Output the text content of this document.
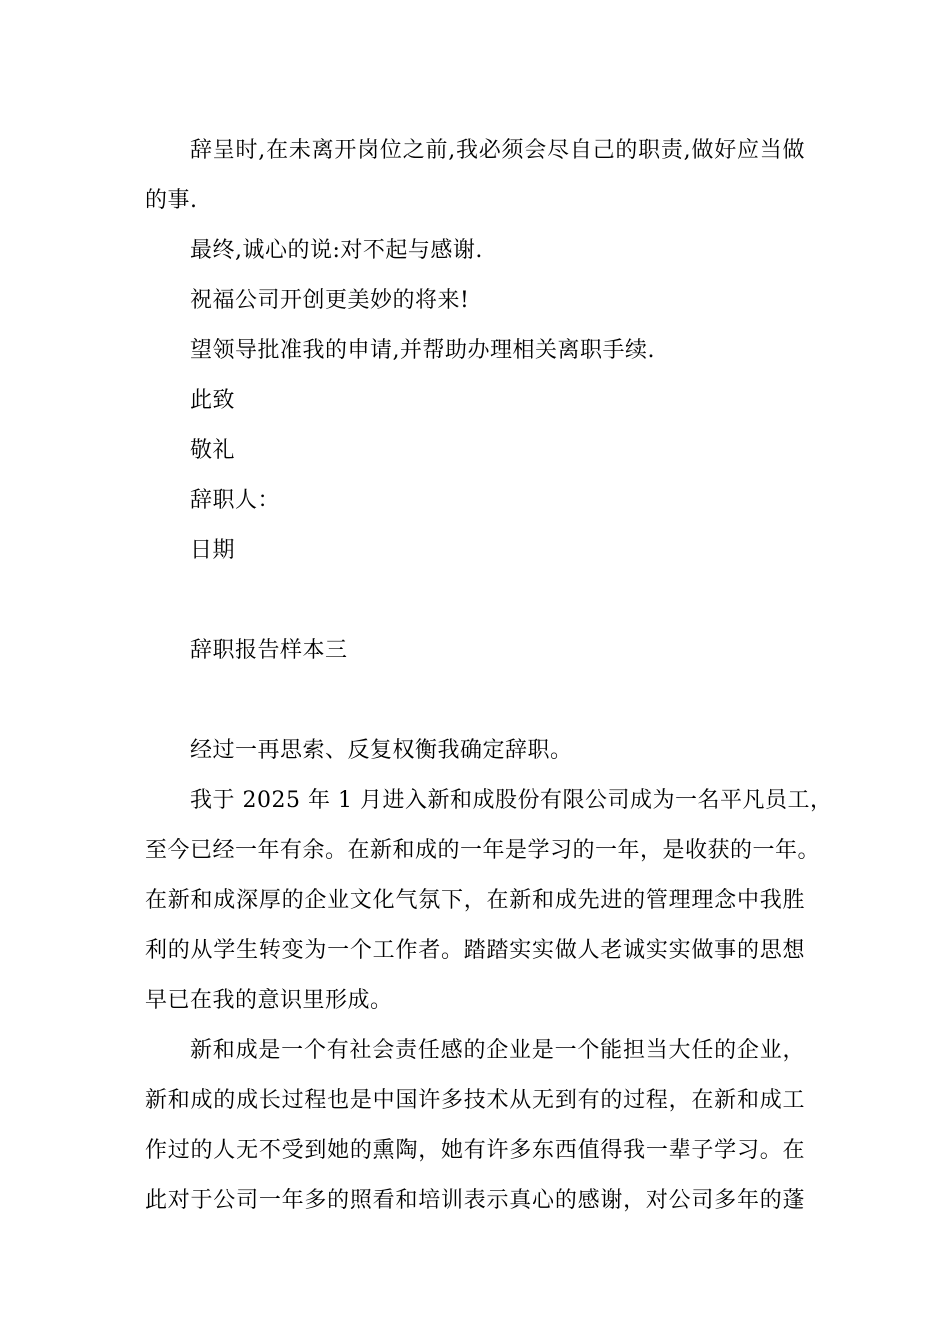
辞呈时,在未离开岗位之前,我必须会尽自己的职责,做好应当做
的事.
最终,诚心的说:对不起与感谢.
祝福公司开创更美妙的将来!
望领导批准我的申请,并帮助办理相关离职手续.
此致
敬礼
辞职人：
日期
辞职报告样本三
经过一再思索、反复权衡我确定辞职。
我于 2025 年 1 月进入新和成股份有限公司成为一名平凡员工，
至今已经一年有余。在新和成的一年是学习的一年，是收获的一年。
在新和成深厚的企业文化气氛下，在新和成先进的管理理念中我胜
利的从学生转变为一个工作者。踏踏实实做人老诚实实做事的思想
早已在我的意识里形成。
新和成是一个有社会责任感的企业是一个能担当大任的企业，
新和成的成长过程也是中国许多技术从无到有的过程，在新和成工
作过的人无不受到她的熏陶，她有许多东西值得我一辈子学习。在
此对于公司一年多的照看和培训表示真心的感谢，对公司多年的蓬
